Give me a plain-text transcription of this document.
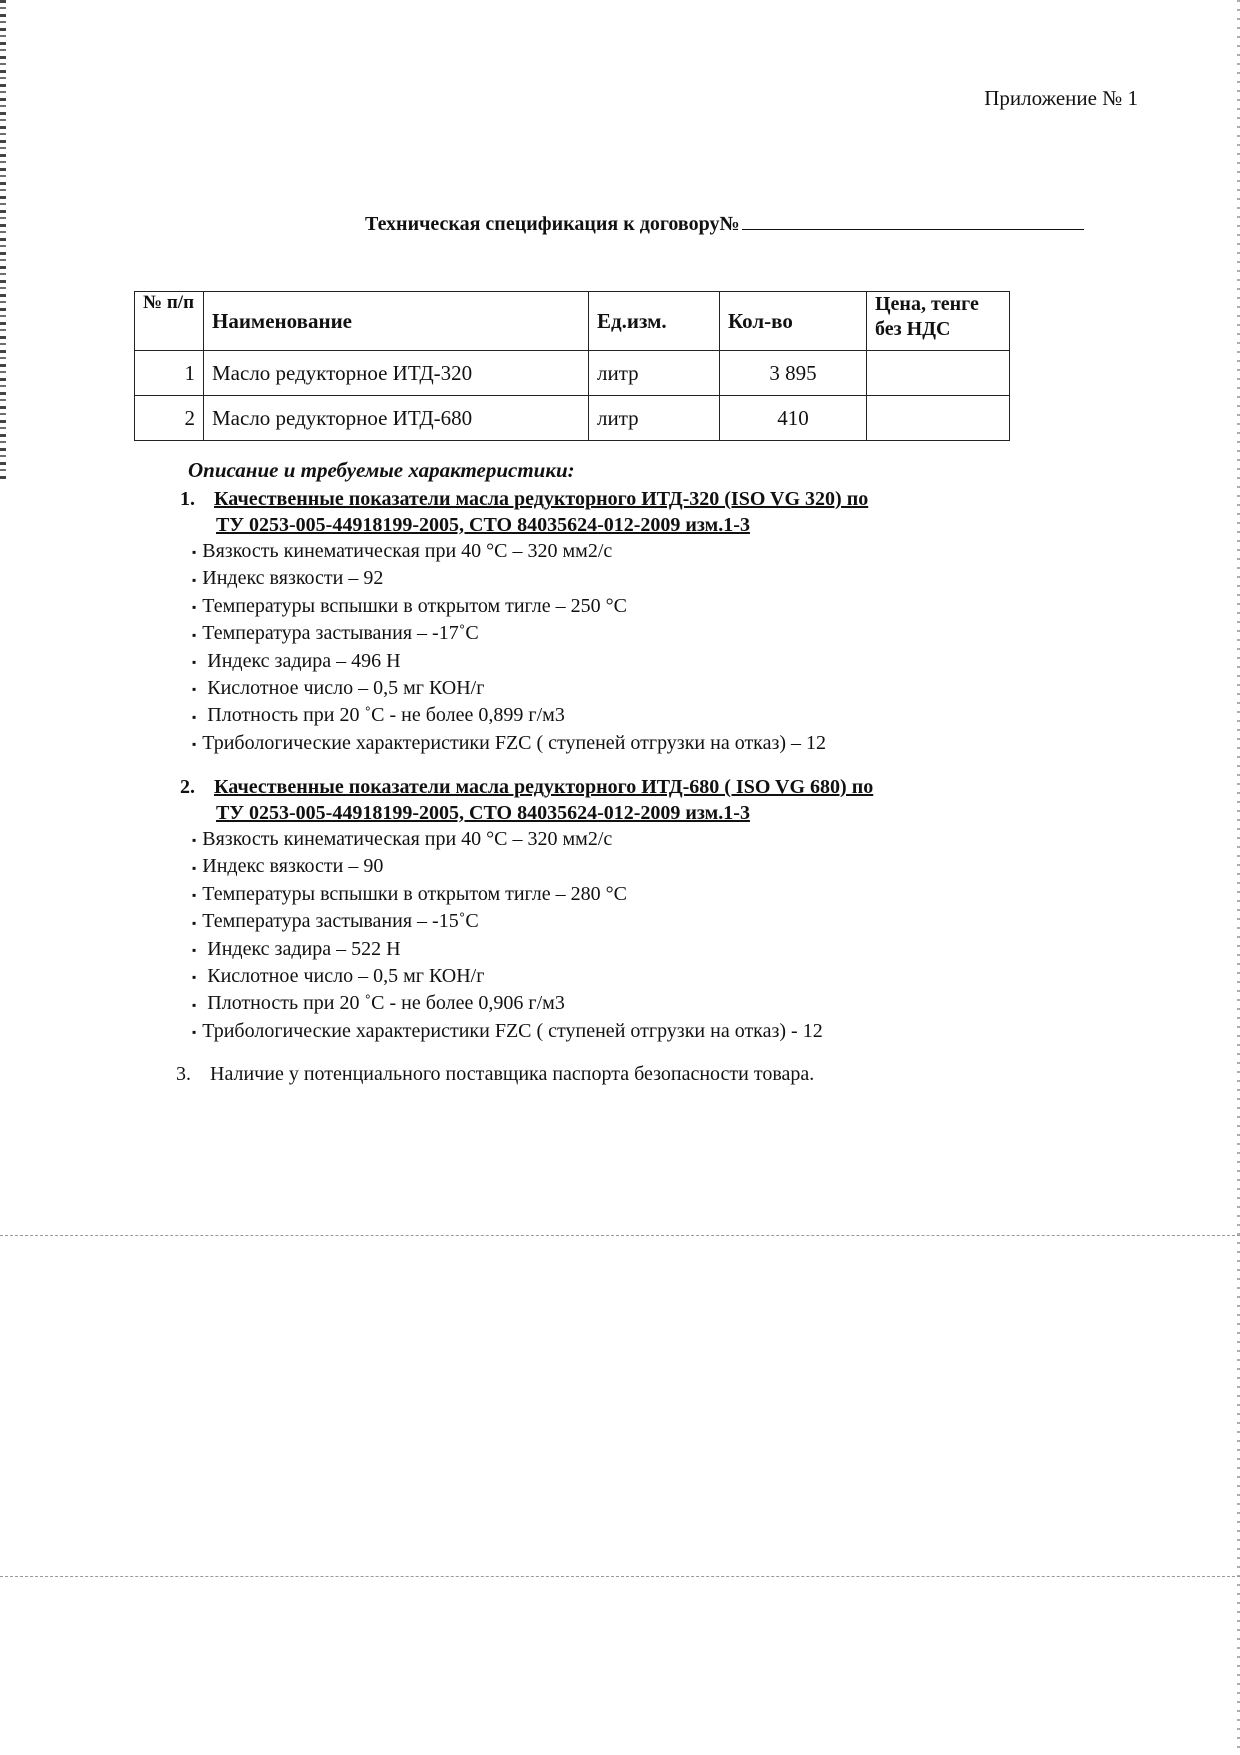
Приложение № 1
Техническая спецификация к договору№
№ п/п	Наименование	Ед.изм.	Кол-во	Цена, тенге без НДС
1	Масло редукторное ИТД-320	литр	3 895	
2	Масло редукторное ИТД-680	литр	410	
Описание и требуемые характеристики:
1. Качественные показатели масла редукторного ИТД-320 (ISO VG 320) по
ТУ 0253-005-44918199-2005, СТО 84035624-012-2009 изм.1-3
▪ Вязкость кинематическая при 40 °С – 320 мм2/с
▪ Индекс вязкости – 92
▪ Температуры вспышки в открытом тигле – 250 °С
▪ Температура застывания – -17˚С
▪ Индекс задира – 496 Н
▪ Кислотное число – 0,5 мг КОН/г
▪ Плотность при 20 ˚С - не более 0,899 г/м3
▪ Трибологические характеристики FZC ( ступеней отгрузки на отказ) – 12
2. Качественные показатели масла редукторного ИТД-680 ( ISO VG 680) по
ТУ 0253-005-44918199-2005, СТО 84035624-012-2009 изм.1-3
▪ Вязкость кинематическая при 40 °С – 320 мм2/с
▪ Индекс вязкости – 90
▪ Температуры вспышки в открытом тигле – 280 °С
▪ Температура застывания – -15˚С
▪ Индекс задира – 522 Н
▪ Кислотное число – 0,5 мг КОН/г
▪ Плотность при 20 ˚С - не более 0,906 г/м3
▪ Трибологические характеристики FZC ( ступеней отгрузки на отказ) - 12
3. Наличие у потенциального поставщика паспорта безопасности товара.
